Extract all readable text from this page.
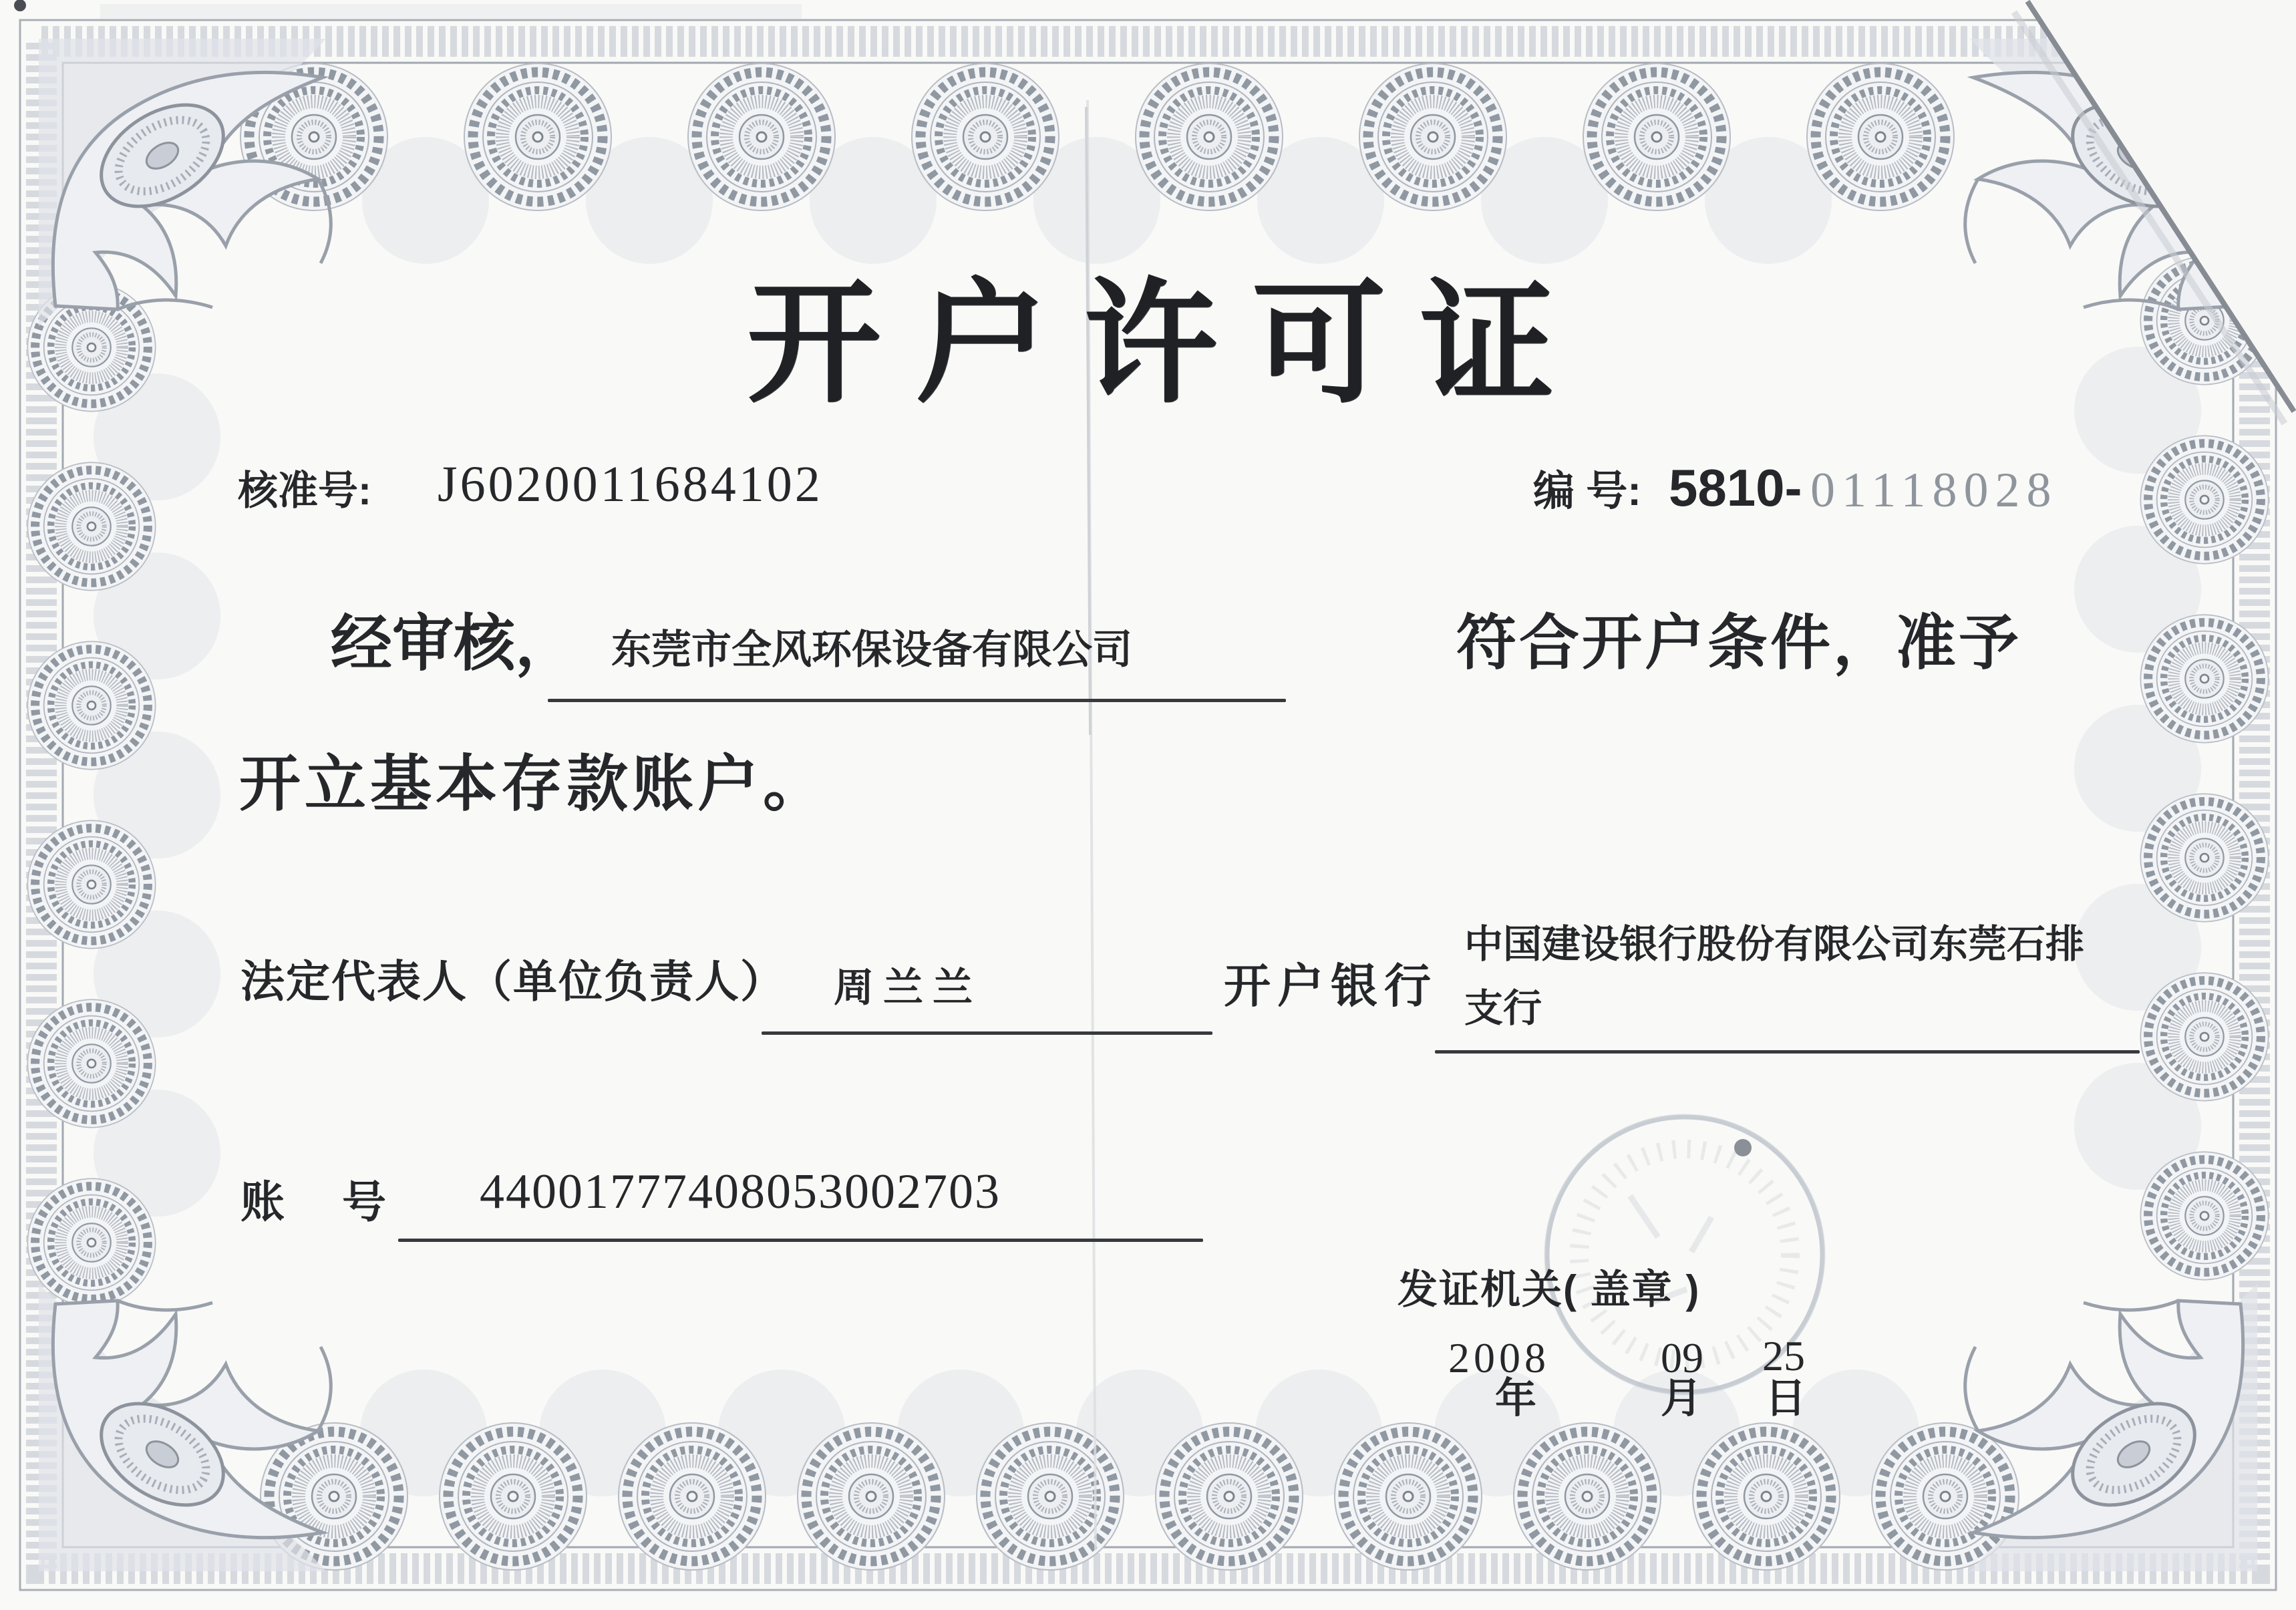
开户许可证
核准号: J6020011684102	编 号: 5810- 01118028
经审核， 东莞市全风环保设备有限公司	符合开户条件，准予
开立基本存款账户。
法定代表人（单位负责人） 周兰兰	开户银行
中国建设银行股份有限公司东莞石排支行
账　号 44001777408053002703
发证机关( 盖章 )
2008	09 25
年	月 日
